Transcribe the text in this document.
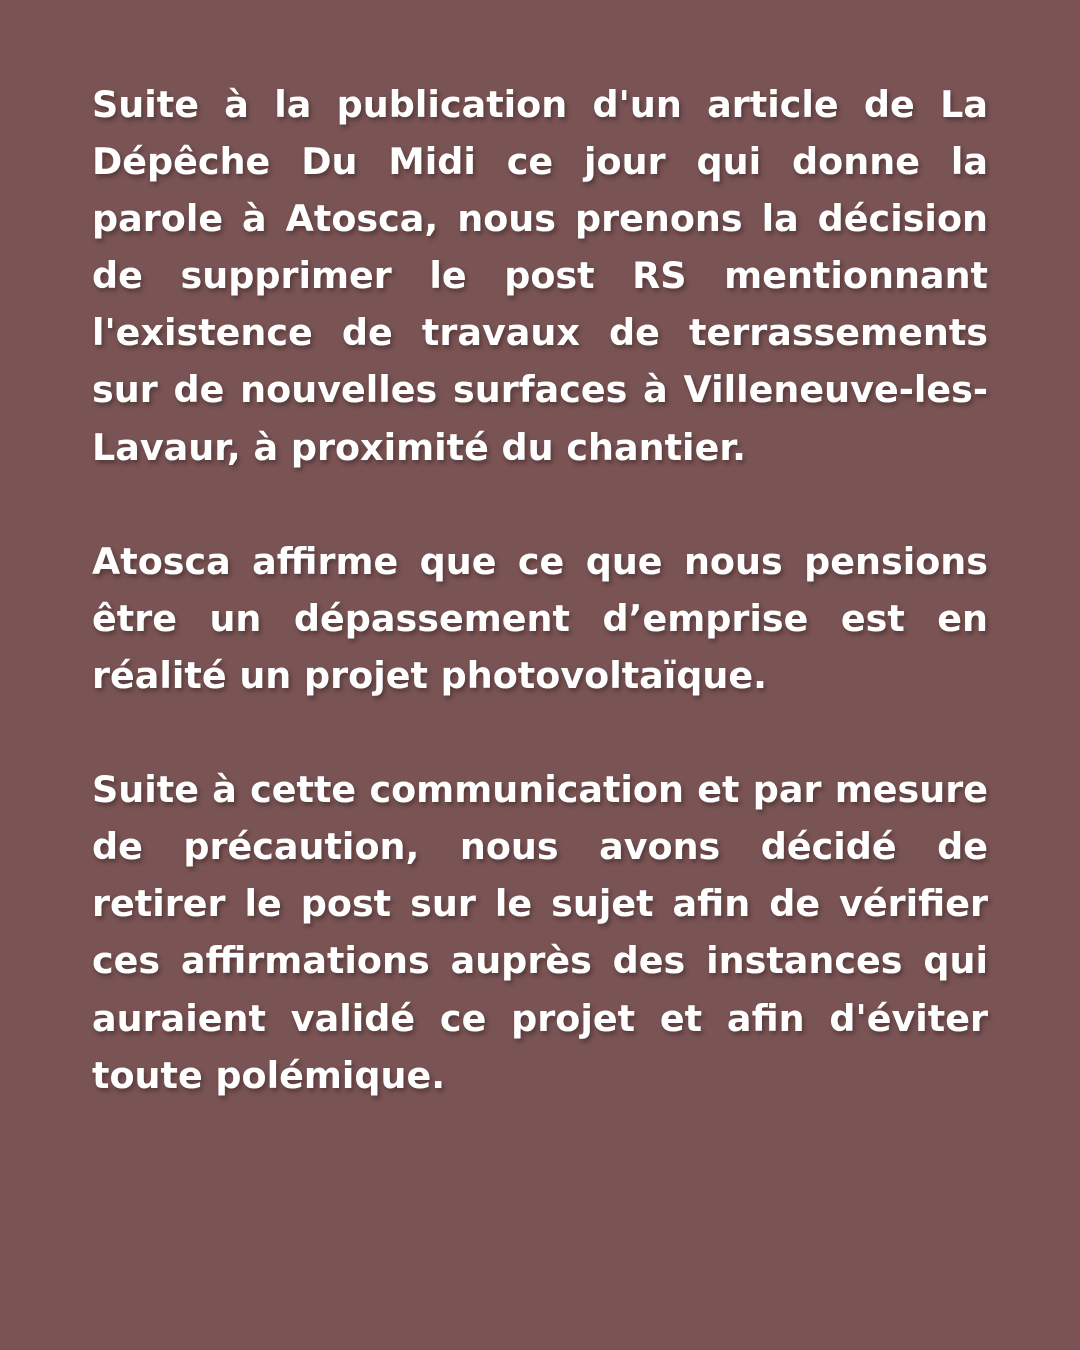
Suite à la publication d'un article de La Dépêche Du Midi ce jour qui donne la parole à Atosca, nous prenons la décision de supprimer le post RS mentionnant l'existence de travaux de terrassements sur de nouvelles surfaces à Villeneuve-les-Lavaur, à proximité du chantier.

Atosca affirme que ce que nous pensions être un dépassement d’emprise est en réalité un projet photovoltaïque.

Suite à cette communication et par mesure de précaution, nous avons décidé de retirer le post sur le sujet afin de vérifier ces affirmations auprès des instances qui auraient validé ce projet et afin d'éviter toute polémique.
